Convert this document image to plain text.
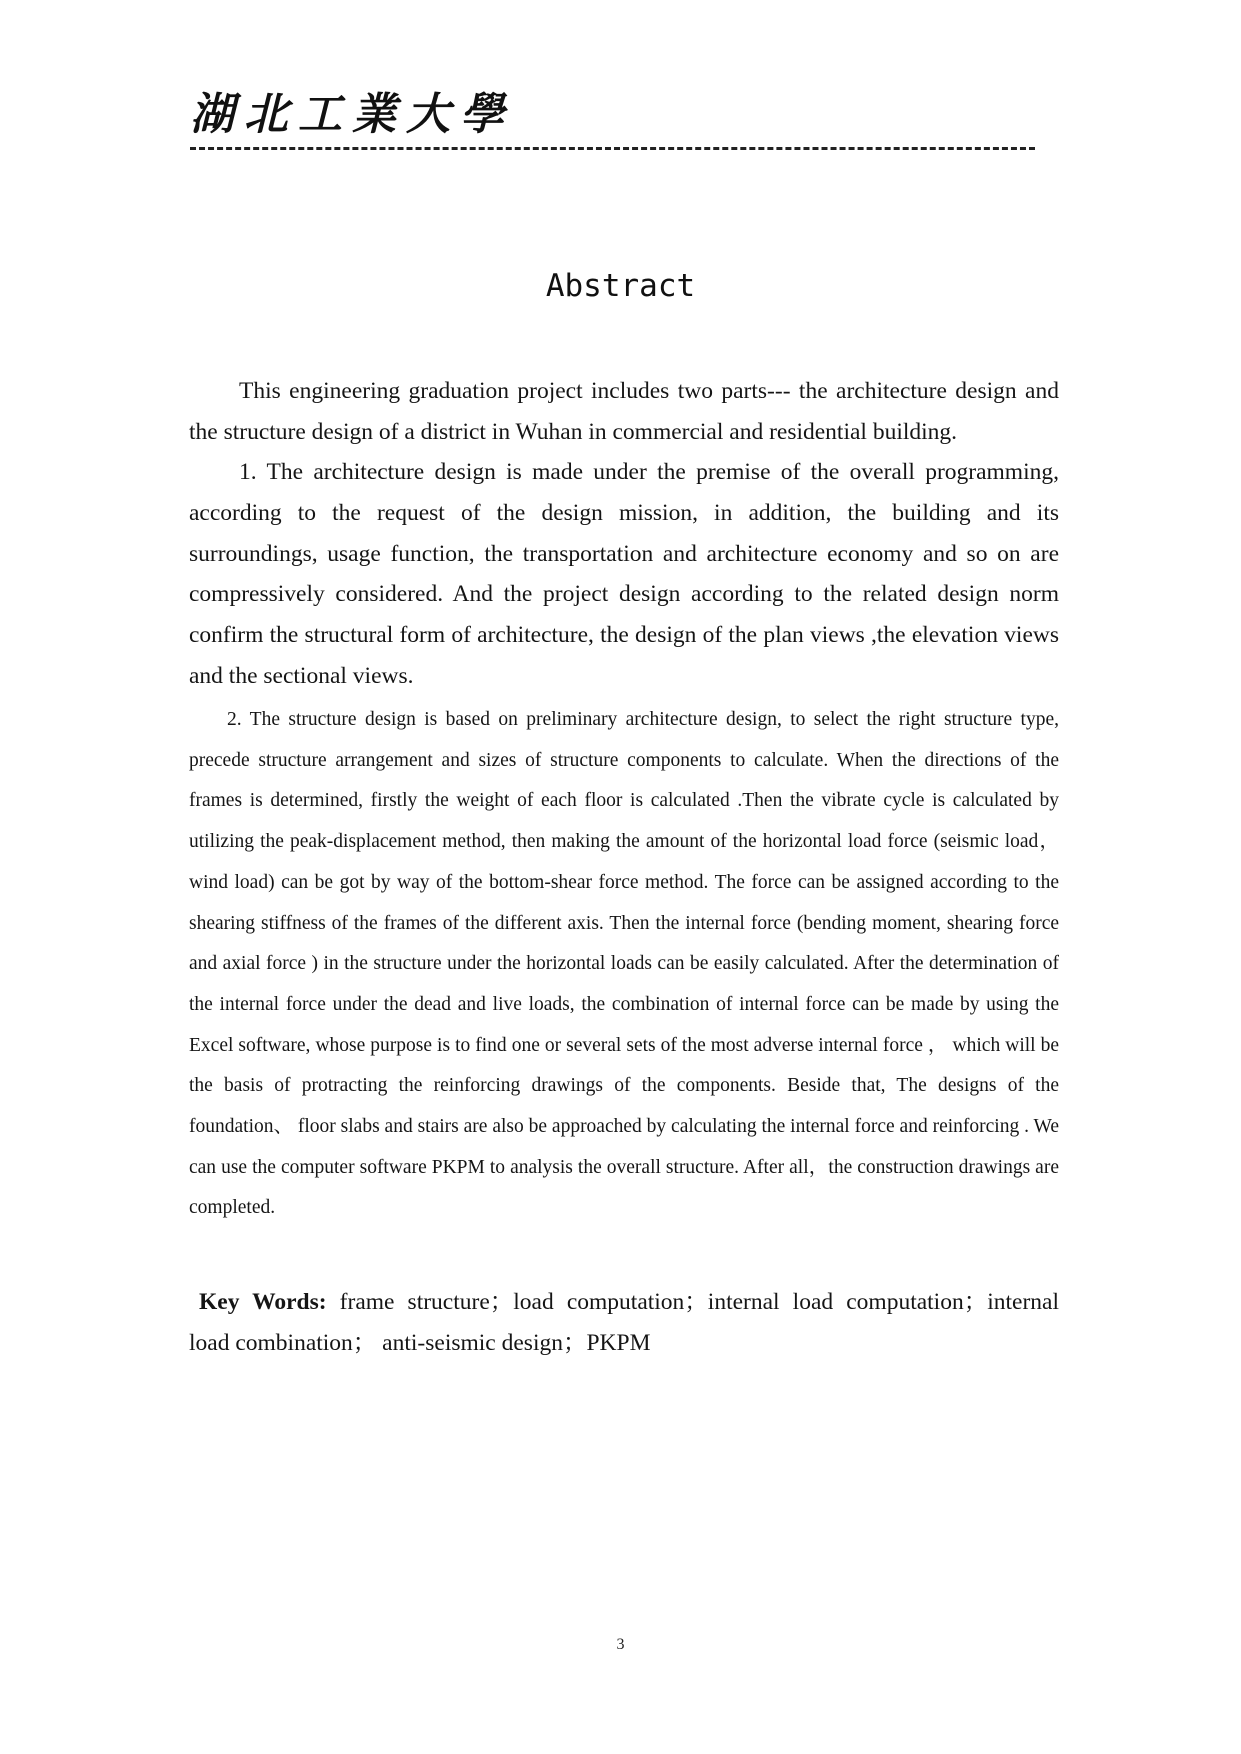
湖北工業大學
Abstract

This engineering graduation project includes two parts--- the architecture design and the structure design of a district in Wuhan in commercial and residential building.

1. The architecture design is made under the premise of the overall programming, according to the request of the design mission, in addition, the building and its surroundings, usage function, the transportation and architecture economy and so on are compressively considered. And the project design according to the related design norm confirm the structural form of architecture, the design of the plan views ,the elevation views and the sectional views.

2. The structure design is based on preliminary architecture design, to select the right structure type, precede structure arrangement and sizes of structure components to calculate. When the directions of the frames is determined, firstly the weight of each floor is calculated .Then the vibrate cycle is calculated by utilizing the peak-displacement method, then making the amount of the horizontal load force (seismic load，wind load) can be got by way of the bottom-shear force method. The force can be assigned according to the shearing stiffness of the frames of the different axis. Then the internal force (bending moment, shearing force and axial force ) in the structure under the horizontal loads can be easily calculated. After the determination of the internal force under the dead and live loads, the combination of internal force can be made by using the Excel software, whose purpose is to find one or several sets of the most adverse internal force ， which will be the basis of protracting the reinforcing drawings of the components. Beside that, The designs of the foundation、 floor slabs and stairs are also be approached by calculating the internal force and reinforcing . We can use the computer software PKPM to analysis the overall structure. After all，the construction drawings are completed.

Key Words: frame structure；load computation；internal load computation；internal load combination； anti-seismic design；PKPM
3
